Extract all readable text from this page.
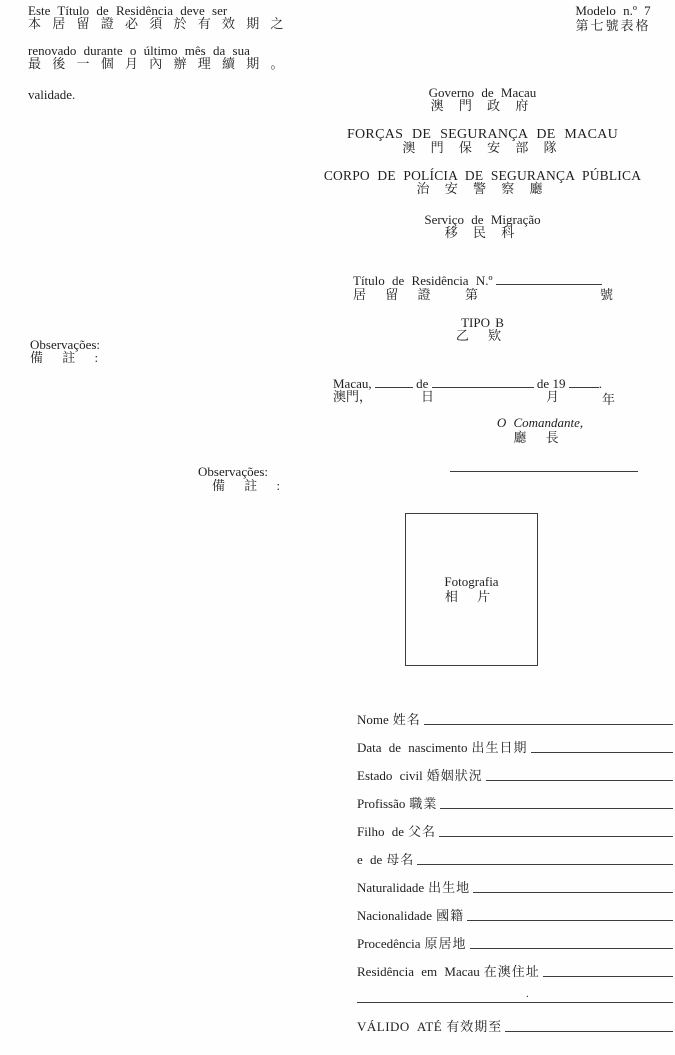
Este Título de Residência deve ser
本 居 留 證 必 須 於 有 效 期 之
renovado durante o último mês da sua
最 後 一 個 月 內 辦 理 續 期 。
validade.
Modelo n.º 7
第七號表格
Governo de Macau
澳 門 政 府
FORÇAS DE SEGURANÇA DE MACAU
澳 門 保 安 部 隊
CORPO DE POLÍCIA DE SEGURANÇA PÚBLICA
治 安 警 察 廳
Serviço de Migração
移 民 科
Título de Residência N.º
居 留 證 第	號
TIPO B
乙 欵
Observações:
備 註 :
Macau,	de	de 19	.
澳門，	日	月	年
O Comandante,
廳 長
Observações:
備 註 :
Fotografia
相 片
Nome 姓名
Data de nascimento 出生日期
Estado civil 婚姻狀況
Profissão 職業
Filho de 父名
e de 母名
Naturalidade 出生地
Nacionalidade 國籍
Procedência 原居地
Residência em Macau 在澳住址
.
VÁLIDO ATÉ 有效期至
